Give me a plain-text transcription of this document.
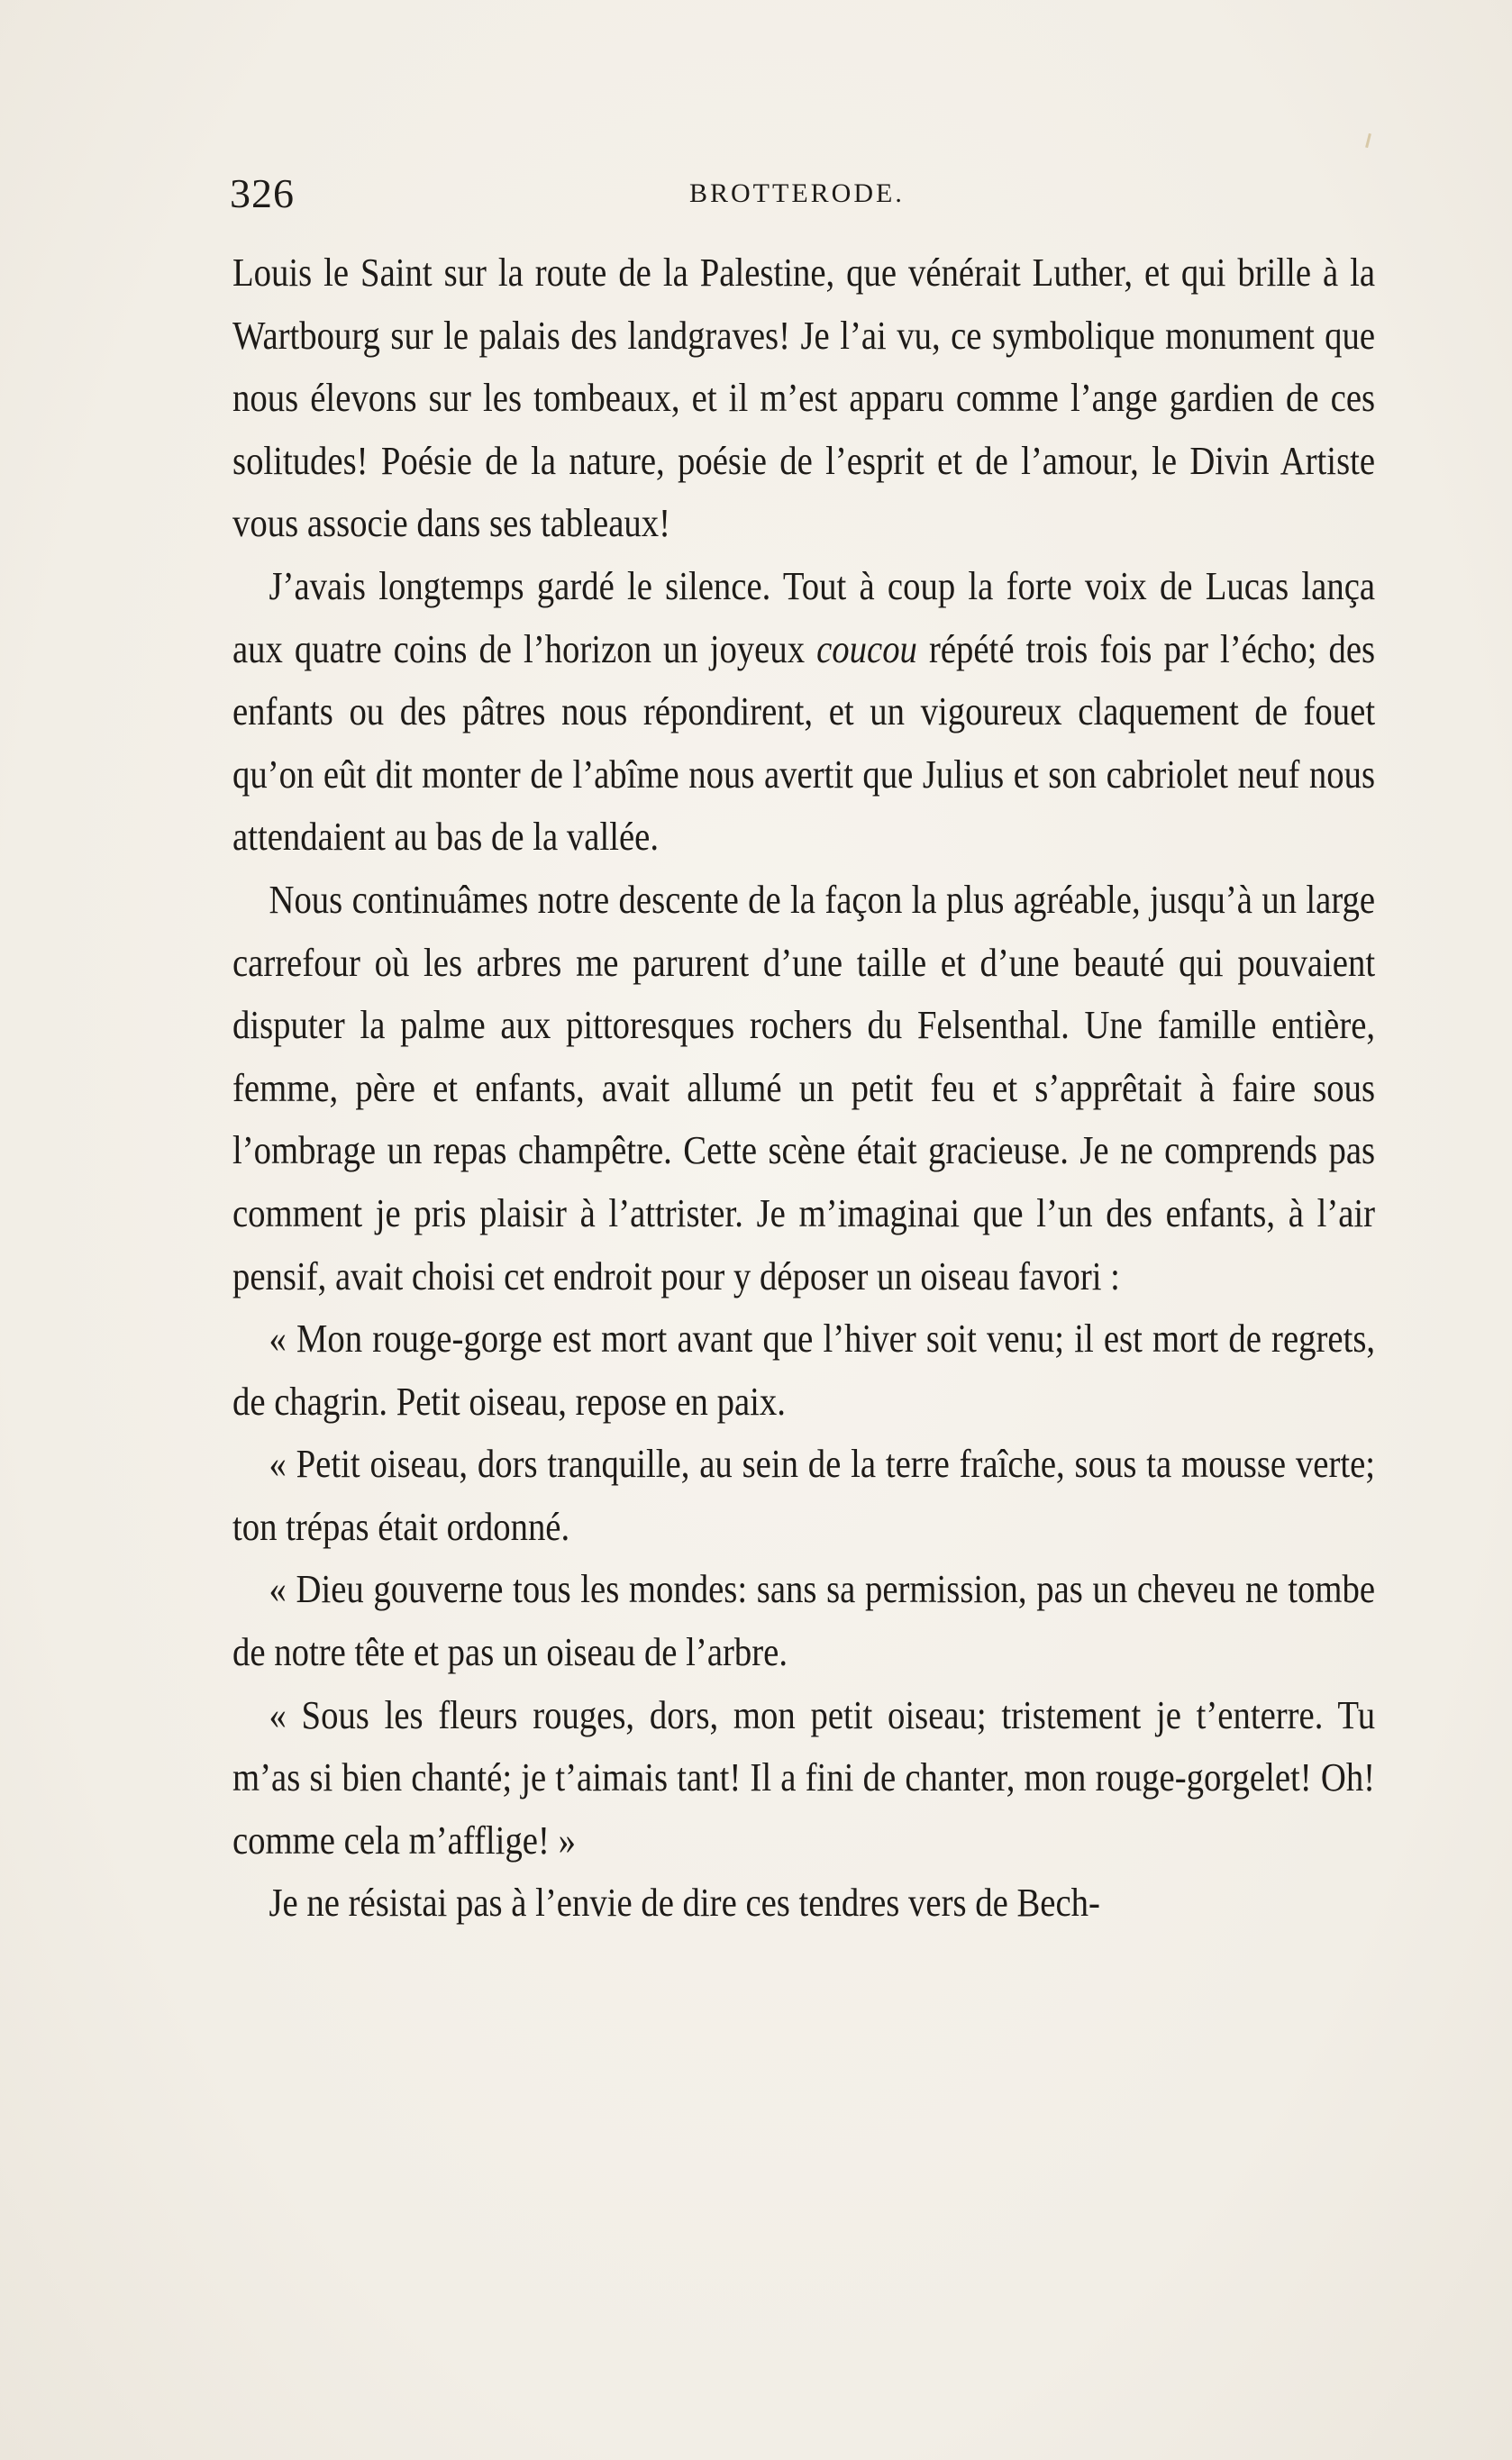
326	BROTTERODE.

Louis le Saint sur la route de la Palestine, que vénérait Luther, et qui brille à la Wartbourg sur le palais des landgraves! Je l’ai vu, ce symbolique monument que nous élevons sur les tombeaux, et il m’est apparu comme l’ange gardien de ces solitudes! Poésie de la nature, poésie de l’esprit et de l’amour, le Divin Artiste vous associe dans ses tableaux!

J’avais longtemps gardé le silence. Tout à coup la forte voix de Lucas lança aux quatre coins de l’horizon un joyeux coucou répété trois fois par l’écho; des enfants ou des pâtres nous répondirent, et un vigoureux claquement de fouet qu’on eût dit monter de l’abîme nous avertit que Julius et son cabriolet neuf nous attendaient au bas de la vallée.

Nous continuâmes notre descente de la façon la plus agréable, jusqu’à un large carrefour où les arbres me parurent d’une taille et d’une beauté qui pouvaient disputer la palme aux pittoresques rochers du Felsenthal. Une famille entière, femme, père et enfants, avait allumé un petit feu et s’apprêtait à faire sous l’ombrage un repas champêtre. Cette scène était gracieuse. Je ne comprends pas comment je pris plaisir à l’attrister. Je m’imaginai que l’un des enfants, à l’air pensif, avait choisi cet endroit pour y déposer un oiseau favori :

« Mon rouge-gorge est mort avant que l’hiver soit venu; il est mort de regrets, de chagrin. Petit oiseau, repose en paix.

« Petit oiseau, dors tranquille, au sein de la terre fraîche, sous ta mousse verte; ton trépas était ordonné.

« Dieu gouverne tous les mondes: sans sa permission, pas un cheveu ne tombe de notre tête et pas un oiseau de l’arbre.

« Sous les fleurs rouges, dors, mon petit oiseau; tristement je t’enterre. Tu m’as si bien chanté; je t’aimais tant! Il a fini de chanter, mon rouge-gorgelet! Oh! comme cela m’afflige! »

Je ne résistai pas à l’envie de dire ces tendres vers de Bech-
